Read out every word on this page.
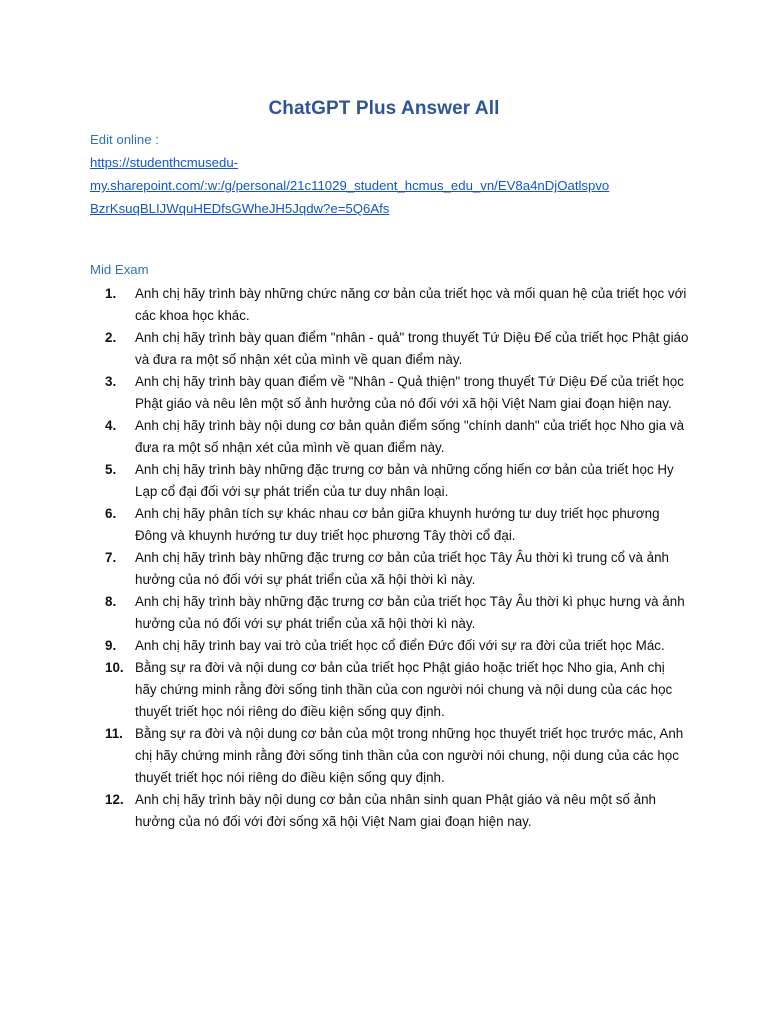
ChatGPT Plus Answer All
Edit online :
https://studenthcmusedu-
my.sharepoint.com/:w:/g/personal/21c11029_student_hcmus_edu_vn/EV8a4nDjOatlspvo
BzrKsuqBLIJWquHEDfsGWheJH5Jqdw?e=5Q6Afs
Mid Exam
1.	Anh chị hãy trình bày những chức năng cơ bản của triết học và mối quan hệ của triết học với các khoa học khác.
2.	Anh chị hãy trình bày quan điểm "nhân - quả" trong thuyết Tứ Diệu Đế của triết học Phật giáo và đưa ra một số nhận xét của mình về quan điểm này.
3.	Anh chị hãy trình bày quan điểm về "Nhân - Quả thiện" trong thuyết Tứ Diệu Đế của triết học Phật giáo và nêu lên một số ảnh hưởng của nó đối với xã hội Việt Nam giai đoạn hiện nay.
4.	Anh chị hãy trình bày nội dung cơ bản quản điểm sống "chính danh" của triết học Nho gia và đưa ra một số nhận xét của mình về quan điểm này.
5.	Anh chị hãy trình bày những đặc trưng cơ bản và những cống hiến cơ bản của triết học Hy Lạp cổ đại đối với sự phát triển của tư duy nhân loại.
6.	Anh chị hãy phân tích sự khác nhau cơ bản giữa khuynh hướng tư duy triết học phương Đông và khuynh hướng tư duy triết học phương Tây thời cổ đại.
7.	Anh chị hãy trình bày những đặc trưng cơ bản của triết học Tây Âu thời kì trung cổ và ảnh hưởng của nó đối với sự phát triển của xã hội thời kì này.
8.	Anh chị hãy trình bày những đặc trưng cơ bản của triết học Tây Âu thời kì phục hưng và ảnh hưởng của nó đối với sự phát triển của xã hội thời kì này.
9.	Anh chị hãy trình bay vai trò của triết học cổ điển Đức đối với sự ra đời của triết học Mác.
10. Bằng sự ra đời và nội dung cơ bản của triết học Phật giáo hoặc triết học Nho gia, Anh chị hãy chứng minh rằng đời sống tinh thần của con người nói chung và nội dung của các học thuyết triết học nói riêng do điều kiện sống quy định.
11. Bằng sự ra đời và nội dung cơ bản của một trong những học thuyết triết học trước mác, Anh chị hãy chứng minh rằng đời sống tinh thần của con người nói chung, nội dung của các học thuyết triết học nói riêng do điều kiện sống quy định.
12. Anh chị hãy trình bày nội dung cơ bản của nhân sinh quan Phật giáo và nêu một số ảnh hưởng của nó đối với đời sống xã hội Việt Nam giai đoạn hiện nay.
